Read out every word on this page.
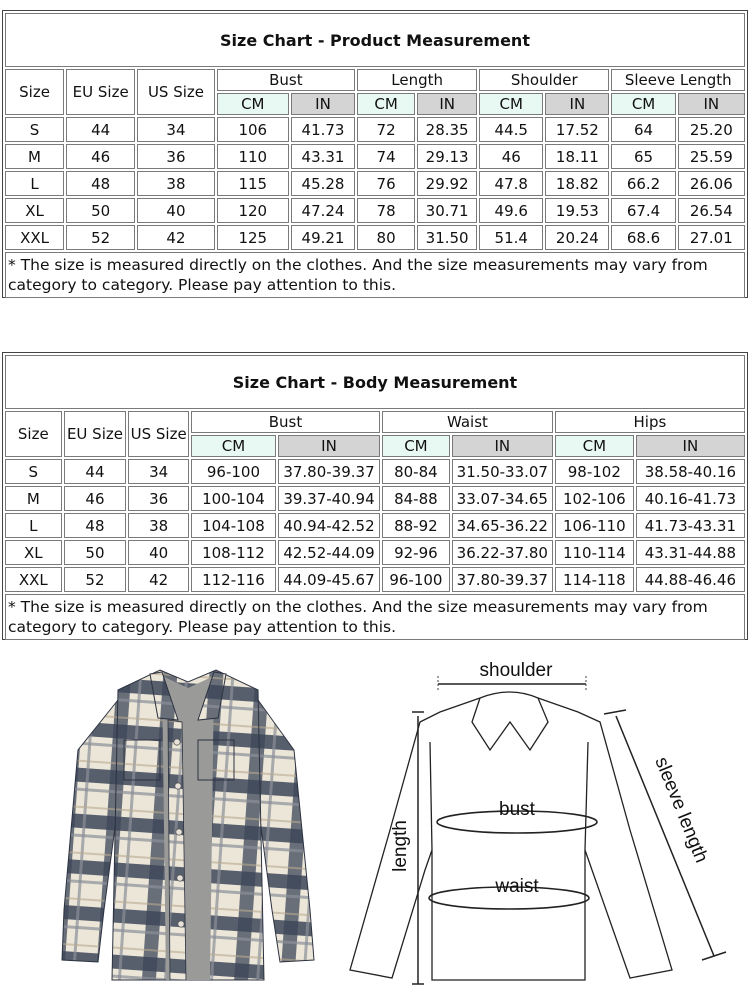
Size Chart - Product Measurement										
Size	EU Size	US Size	Bust		Length		Shoulder		Sleeve Length	
			CM	IN	CM	IN	CM	IN	CM	IN
S	44	34	106	41.73	72	28.35	44.5	17.52	64	25.20
M	46	36	110	43.31	74	29.13	46	18.11	65	25.59
L	48	38	115	45.28	76	29.92	47.8	18.82	66.2	26.06
XL	50	40	120	47.24	78	30.71	49.6	19.53	67.4	26.54
XXL	52	42	125	49.21	80	31.50	51.4	20.24	68.6	27.01
* The size is measured directly on the clothes. And the size measurements may vary from category to category. Please pay attention to this.										
Size Chart - Body Measurement								
Size	EU Size	US Size	Bust		Waist		Hips	
			CM	IN	CM	IN	CM	IN
S	44	34	96-100	37.80-39.37	80-84	31.50-33.07	98-102	38.58-40.16
M	46	36	100-104	39.37-40.94	84-88	33.07-34.65	102-106	40.16-41.73
L	48	38	104-108	40.94-42.52	88-92	34.65-36.22	106-110	41.73-43.31
XL	50	40	108-112	42.52-44.09	92-96	36.22-37.80	110-114	43.31-44.88
XXL	52	42	112-116	44.09-45.67	96-100	37.80-39.37	114-118	44.88-46.46
* The size is measured directly on the clothes. And the size measurements may vary from category to category. Please pay attention to this.								
shoulder
bust
waist
length	sleeve length
